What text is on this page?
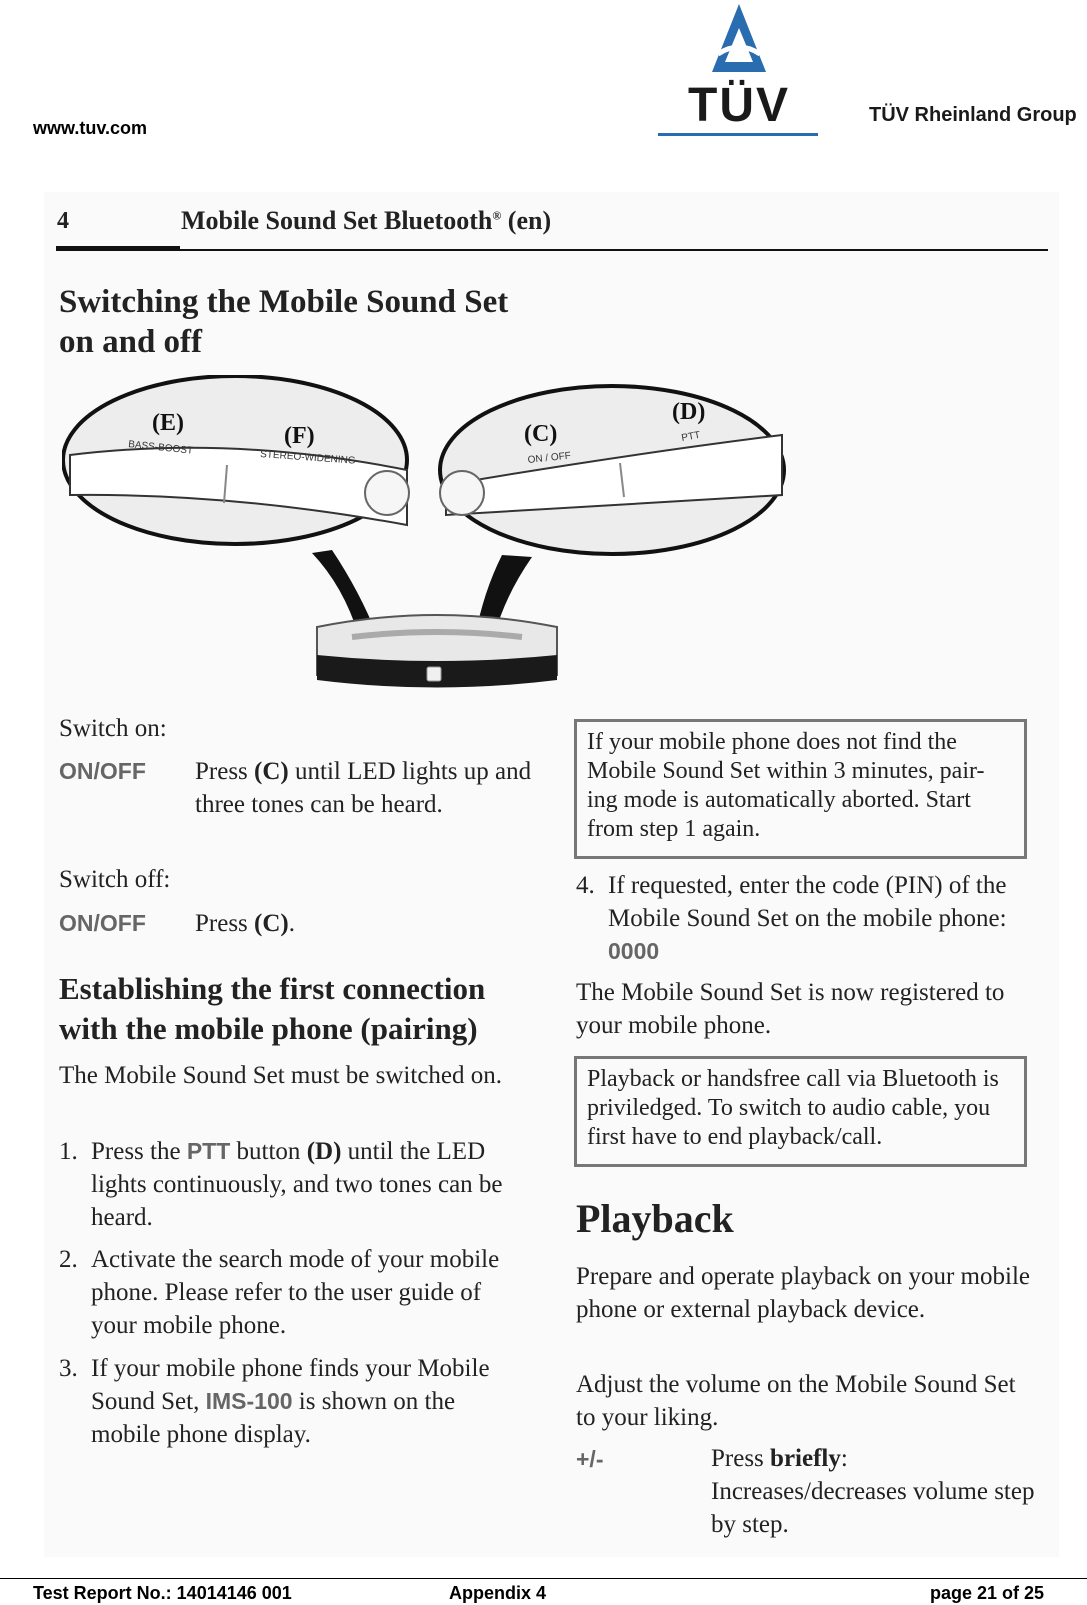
www.tuv.com	TÜV	TÜV Rheinland Group
4	Mobile Sound Set Bluetooth® (en)
Switching the Mobile Sound Set on and off
(E)	(F)
BASS-BOOST
STEREO-WIDENING
(C)
(D)
ON / OFF
PTT
Switch on:
ON/OFF Press (C) until LED lights up and three tones can be heard.
Switch off:
ON/OFF Press (C).
Establishing the first connection with the mobile phone (pairing)
The Mobile Sound Set must be switched on.
1. Press the PTT button (D) until the LED lights continuously, and two tones can be heard.
2. Activate the search mode of your mobile phone. Please refer to the user guide of your mobile phone.
3. If your mobile phone finds your Mobile Sound Set, IMS-100 is shown on the mobile phone display.
If your mobile phone does not find the Mobile Sound Set within 3 minutes, pair-ing mode is automatically aborted. Start from step 1 again.
4. If requested, enter the code (PIN) of the Mobile Sound Set on the mobile phone: 0000
The Mobile Sound Set is now registered to your mobile phone.
Playback or handsfree call via Bluetooth is priviledged. To switch to audio cable, you first have to end playback/call.
Playback
Prepare and operate playback on your mobile phone or external playback device.
Adjust the volume on the Mobile Sound Set to your liking.
+/-	Press briefly: Increases/decreases volume step by step.
Test Report No.: 14014146 001	Appendix 4	page 21 of 25
